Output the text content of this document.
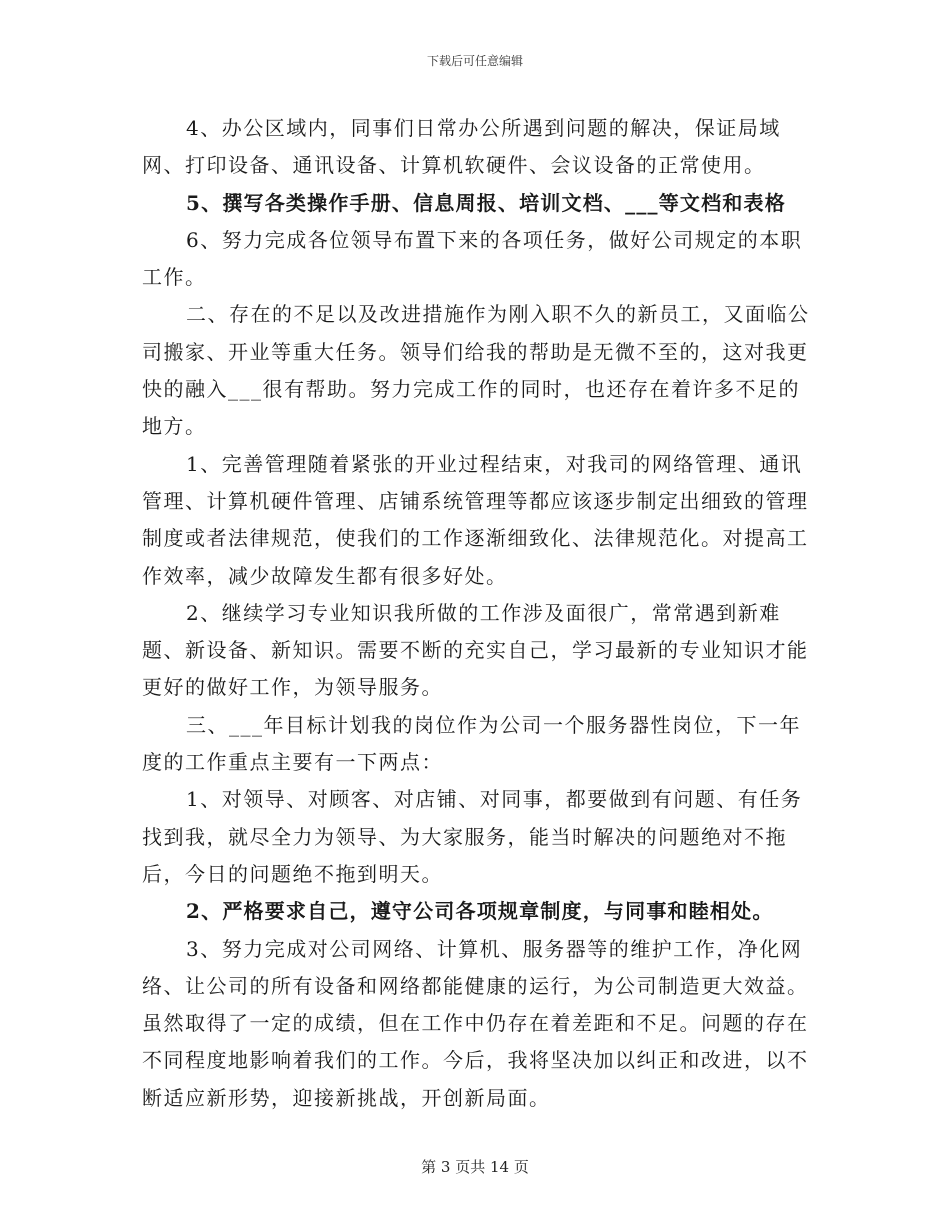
下载后可任意编辑

4、办公区域内，同事们日常办公所遇到问题的解决，保证局域网、打印设备、通讯设备、计算机软硬件、会议设备的正常使用。

5、撰写各类操作手册、信息周报、培训文档、___等文档和表格

6、努力完成各位领导布置下来的各项任务，做好公司规定的本职工作。

二、存在的不足以及改进措施作为刚入职不久的新员工，又面临公司搬家、开业等重大任务。领导们给我的帮助是无微不至的，这对我更快的融入___很有帮助。努力完成工作的同时，也还存在着许多不足的地方。

1、完善管理随着紧张的开业过程结束，对我司的网络管理、通讯管理、计算机硬件管理、店铺系统管理等都应该逐步制定出细致的管理制度或者法律规范，使我们的工作逐渐细致化、法律规范化。对提高工作效率，减少故障发生都有很多好处。

2、继续学习专业知识我所做的工作涉及面很广，常常遇到新难题、新设备、新知识。需要不断的充实自己，学习最新的专业知识才能更好的做好工作，为领导服务。

三、___年目标计划我的岗位作为公司一个服务器性岗位，下一年度的工作重点主要有一下两点：

1、对领导、对顾客、对店铺、对同事，都要做到有问题、有任务找到我，就尽全力为领导、为大家服务，能当时解决的问题绝对不拖后，今日的问题绝不拖到明天。

2、严格要求自己，遵守公司各项规章制度，与同事和睦相处。

3、努力完成对公司网络、计算机、服务器等的维护工作，净化网络、让公司的所有设备和网络都能健康的运行，为公司制造更大效益。虽然取得了一定的成绩，但在工作中仍存在着差距和不足。问题的存在不同程度地影响着我们的工作。今后，我将坚决加以纠正和改进，以不断适应新形势，迎接新挑战，开创新局面。

第 3 页共 14 页
